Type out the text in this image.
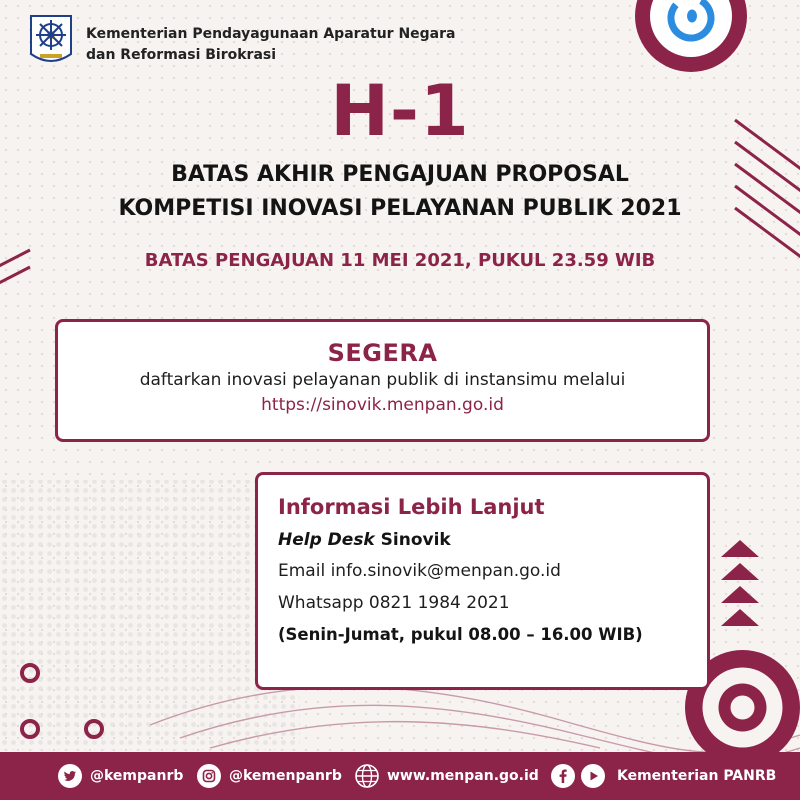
Kementerian Pendayagunaan Aparatur Negara
dan Reformasi Birokrasi
H-1
BATAS AKHIR PENGAJUAN PROPOSAL
KOMPETISI INOVASI PELAYANAN PUBLIK 2021
BATAS PENGAJUAN 11 MEI 2021, PUKUL 23.59 WIB
SEGERA
daftarkan inovasi pelayanan publik di instansimu melalui
https://sinovik.menpan.go.id
Informasi Lebih Lanjut
Help Desk Sinovik
Email info.sinovik@menpan.go.id
Whatsapp 0821 1984 2021
(Senin-Jumat, pukul 08.00 – 16.00 WIB)
@kempanrb	@kemenpanrb	www.menpan.go.id	Kementerian PANRB
